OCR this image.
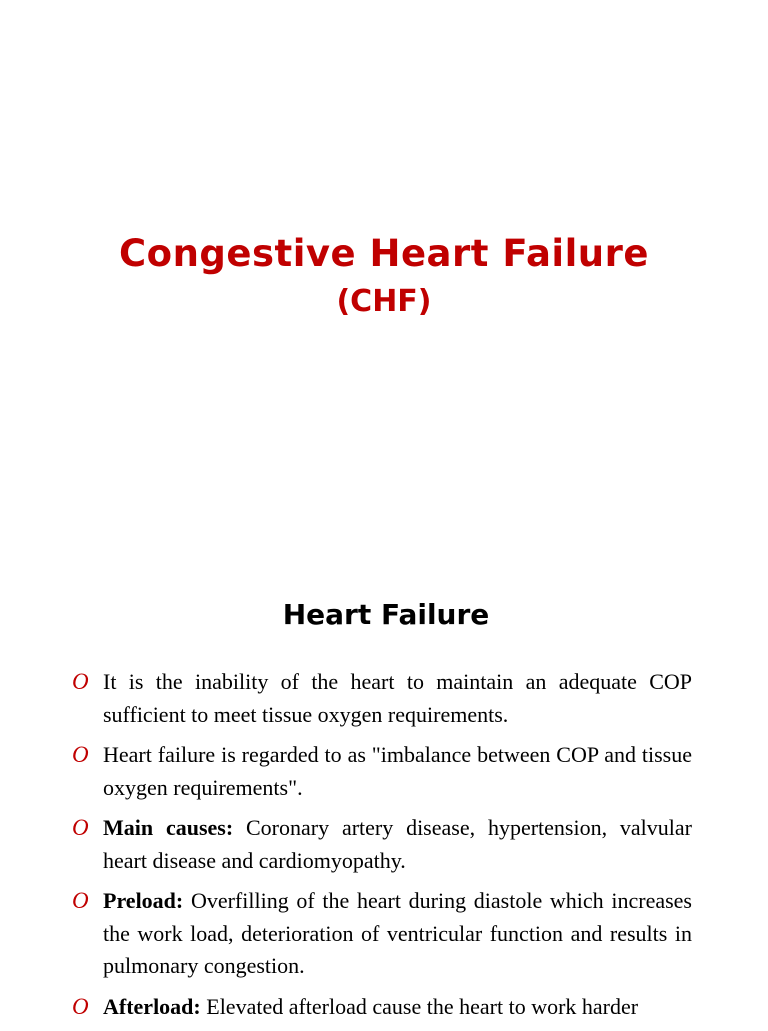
Congestive Heart Failure
(CHF)
Heart Failure
O It is the inability of the heart to maintain an adequate COP sufficient to meet tissue oxygen requirements.
O Heart failure is regarded to as "imbalance between COP and tissue oxygen requirements".
O Main causes: Coronary artery disease, hypertension, valvular heart disease and cardiomyopathy.
O Preload: Overfilling of the heart during diastole which increases the work load, deterioration of ventricular function and results in pulmonary congestion.
O Afterload: Elevated afterload cause the heart to work harder
